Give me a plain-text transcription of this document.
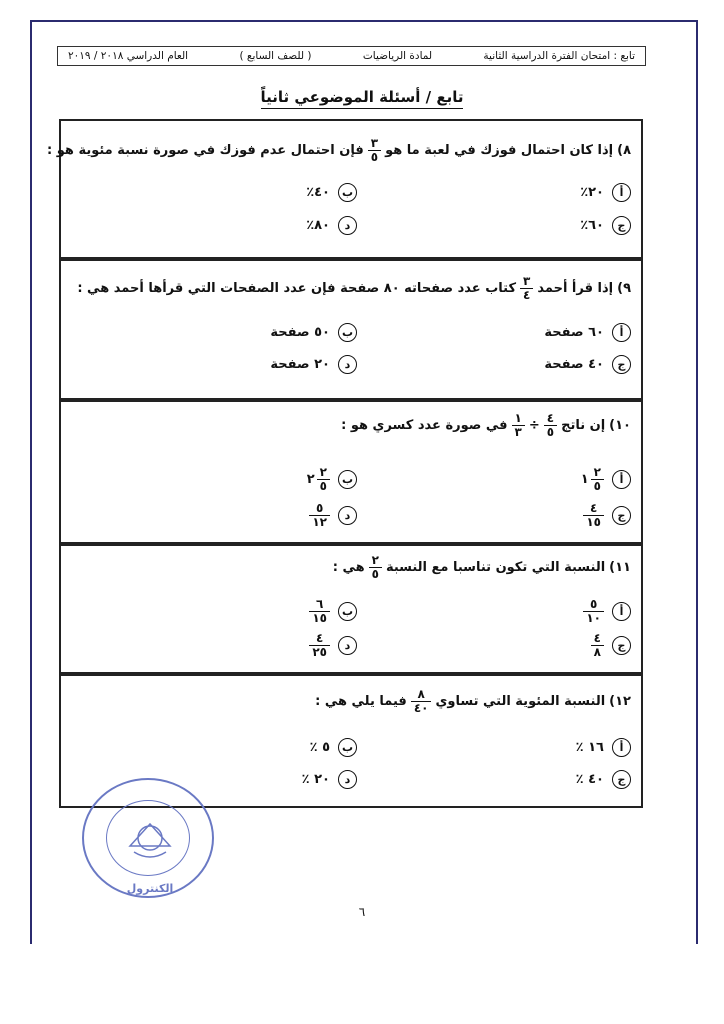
تابع : امتحان الفترة الدراسية الثانية
لمادة الرياضيات
( للصف السابع )
العام الدراسي ٢٠١٨ / ٢٠١٩
تابع / أسئلة الموضوعي ثانياً
٨)
إذا كان احتمال فوزك في لعبة ما هو
$\frac{٣}{٥}$
فإن احتمال عدم فوزك في صورة نسبة مئوية هو :
أ
٢٠٪
ب
٤٠٪
ج
٦٠٪
د
٨٠٪
٩)
إذا قرأ أحمد
$\frac{٣}{٤}$
كتاب عدد صفحاته ٨٠ صفحة فإن عدد الصفحات التي قرأها أحمد هي :
أ
٦٠ صفحة
ب
٥٠ صفحة
ج
٤٠ صفحة
د
٢٠ صفحة
١٠)
إن ناتج
$\frac{٤}{٥}$
÷
$\frac{١}{٣}$
في صورة عدد كسري هو :
أ
$\frac{٢}{٥}$
١
ب
$\frac{٢}{٥}$
٢
ج
$\frac{٤}{١٥}$
د
$\frac{٥}{١٢}$
١١)
النسبة التي تكون تناسبا مع النسبة
$\frac{٢}{٥}$
هي :
أ
$\frac{٥}{١٠}$
ب
$\frac{٦}{١٥}$
ج
$\frac{٤}{٨}$
د
$\frac{٤}{٢٥}$
١٢)
النسبة المئوية التي تساوي
$\frac{٨}{٤٠}$
فيما يلي هي :
أ
١٦ ٪
ب
٥ ٪
ج
٤٠ ٪
د
٢٠ ٪
الكنترول
٦
